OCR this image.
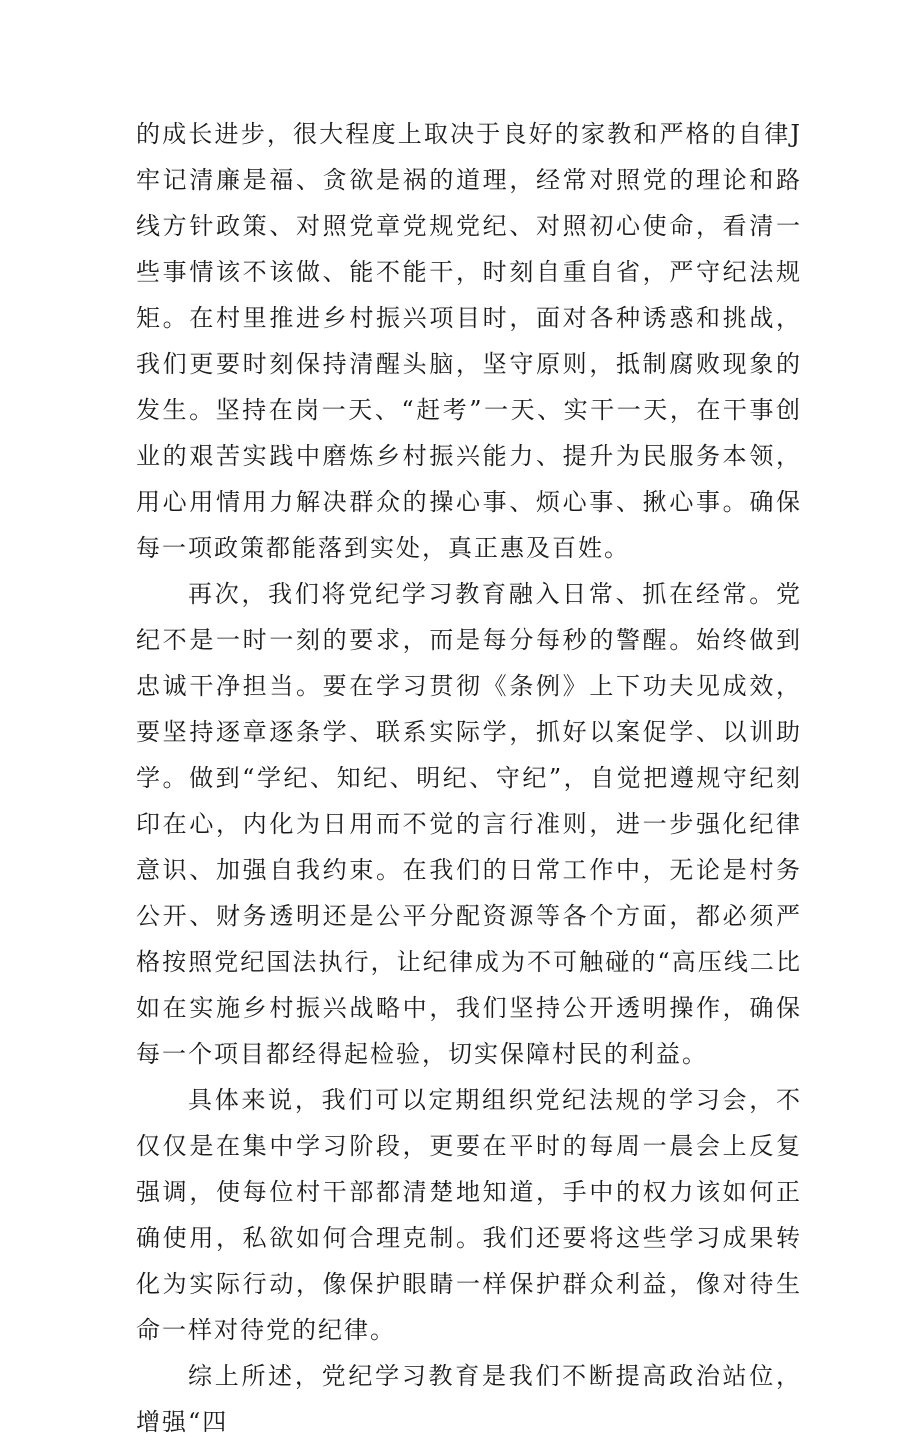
的成长进步，很大程度上取决于良好的家教和严格的自律J牢记清廉是福、贪欲是祸的道理，经常对照党的理论和路线方针政策、对照党章党规党纪、对照初心使命，看清一些事情该不该做、能不能干，时刻自重自省，严守纪法规矩。在村里推进乡村振兴项目时，面对各种诱惑和挑战，我们更要时刻保持清醒头脑，坚守原则，抵制腐败现象的发生。坚持在岗一天、“赶考”一天、实干一天，在干事创业的艰苦实践中磨炼乡村振兴能力、提升为民服务本领，用心用情用力解决群众的操心事、烦心事、揪心事。确保每一项政策都能落到实处，真正惠及百姓。

再次，我们将党纪学习教育融入日常、抓在经常。党纪不是一时一刻的要求，而是每分每秒的警醒。始终做到忠诚干净担当。要在学习贯彻《条例》上下功夫见成效，要坚持逐章逐条学、联系实际学，抓好以案促学、以训助学。做到“学纪、知纪、明纪、守纪”，自觉把遵规守纪刻印在心，内化为日用而不觉的言行准则，进一步强化纪律意识、加强自我约束。在我们的日常工作中，无论是村务公开、财务透明还是公平分配资源等各个方面，都必须严格按照党纪国法执行，让纪律成为不可触碰的“高压线二比如在实施乡村振兴战略中，我们坚持公开透明操作，确保每一个项目都经得起检验，切实保障村民的利益。

具体来说，我们可以定期组织党纪法规的学习会，不仅仅是在集中学习阶段，更要在平时的每周一晨会上反复强调，使每位村干部都清楚地知道，手中的权力该如何正确使用，私欲如何合理克制。我们还要将这些学习成果转化为实际行动，像保护眼睛一样保护群众利益，像对待生命一样对待党的纪律。

综上所述，党纪学习教育是我们不断提高政治站位，增强“四
